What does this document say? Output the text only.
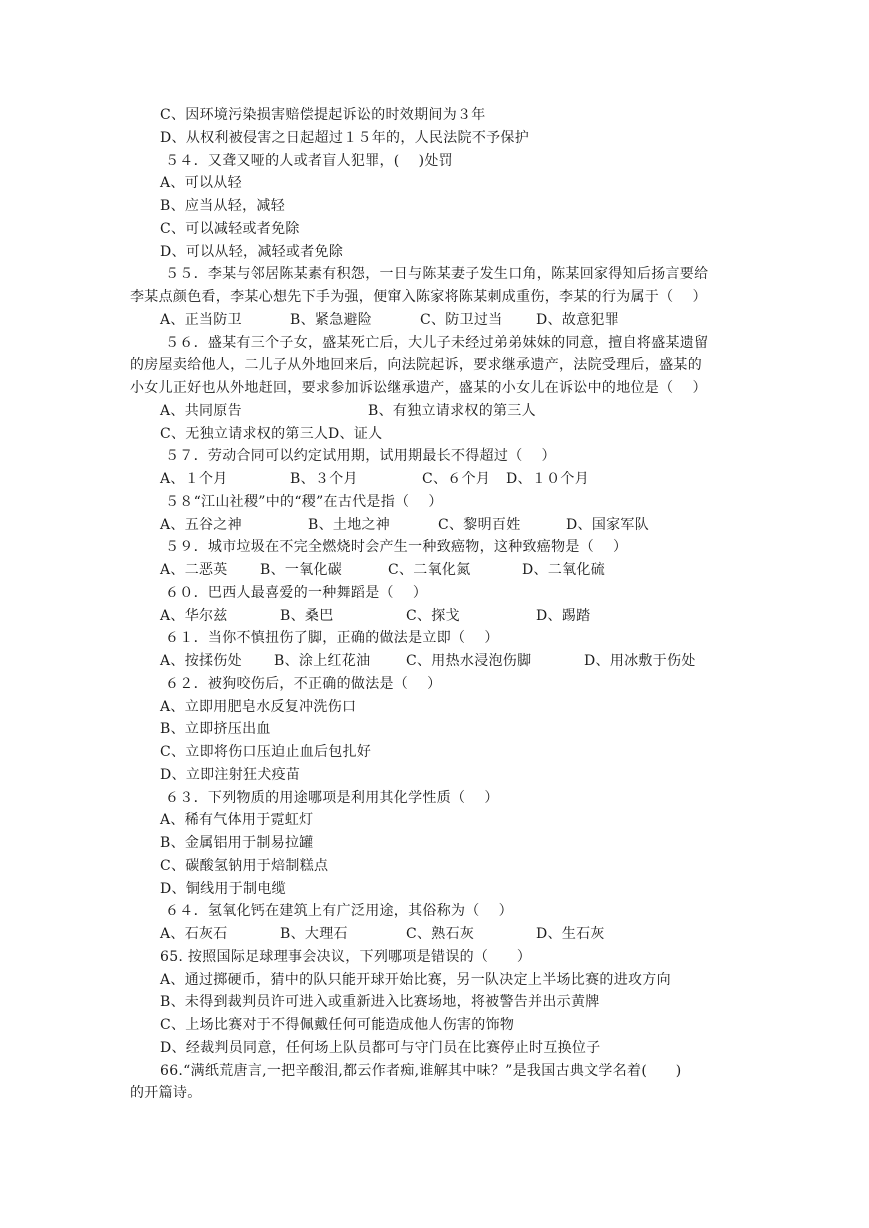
C、因环境污染损害赔偿提起诉讼的时效期间为３年
D、从权利被侵害之日起超过１５年的，人民法院不予保护
５４．又聋又哑的人或者盲人犯罪，(　 )处罚
A、可以从轻
B、应当从轻，减轻
C、可以减轻或者免除
D、可以从轻，减轻或者免除
５５．李某与邻居陈某素有积怨，一日与陈某妻子发生口角，陈某回家得知后扬言要给
李某点颜色看，李某心想先下手为强，便窜入陈家将陈某刺成重伤，李某的行为属于（　 ）
A、正当防卫	B、紧急避险	C、防卫过当 D、故意犯罪
５６．盛某有三个子女，盛某死亡后，大儿子未经过弟弟妹妹的同意，擅自将盛某遗留
的房屋卖给他人，二儿子从外地回来后，向法院起诉，要求继承遗产，法院受理后，盛某的
小女儿正好也从外地赶回，要求参加诉讼继承遗产，盛某的小女儿在诉讼中的地位是（　 ）
A、共同原告	B、有独立请求权的第三人
C、无独立请求权的第三人 D、证人
５７．劳动合同可以约定试用期，试用期最长不得超过（　 ）
A、１个月	B、３个月	C、６个月 D、１０个月
５８“江山社稷”中的“稷”在古代是指（　 ）
A、五谷之神	B、土地之神	C、黎明百姓	D、国家军队
５９．城市垃圾在不完全燃烧时会产生一种致癌物，这种致癌物是（　 ）
A、二恶英 B、一氧化碳	C、二氧化氮	D、二氧化硫
６０．巴西人最喜爱的一种舞蹈是（　 ）
A、华尔兹	B、桑巴	C、探戈	D、踢踏
６１．当你不慎扭伤了脚，正确的做法是立即（　 ）
A、按揉伤处 B、涂上红花油	C、用热水浸泡伤脚	D、用冰敷于伤处
６２．被狗咬伤后，不正确的做法是（　 ）
A、立即用肥皂水反复冲洗伤口
B、立即挤压出血
C、立即将伤口压迫止血后包扎好
D、立即注射狂犬疫苗
６３．下列物质的用途哪项是利用其化学性质（　 ）
A、稀有气体用于霓虹灯
B、金属铝用于制易拉罐
C、碳酸氢钠用于焙制糕点
D、铜线用于制电缆
６４．氢氧化钙在建筑上有广泛用途，其俗称为（　 ）
A、石灰石	B、大理石	C、熟石灰	D、生石灰
65. 按照国际足球理事会决议，下列哪项是错误的（　　）
A、通过掷硬币，猜中的队只能开球开始比赛，另一队决定上半场比赛的进攻方向
B、未得到裁判员许可进入或重新进入比赛场地，将被警告并出示黄牌
C、上场比赛对于不得佩戴任何可能造成他人伤害的饰物
D、经裁判员同意，任何场上队员都可与守门员在比赛停止时互换位子
66.“满纸荒唐言,一把辛酸泪,都云作者痴,谁解其中味？”是我国古典文学名着(　　)
的开篇诗。
